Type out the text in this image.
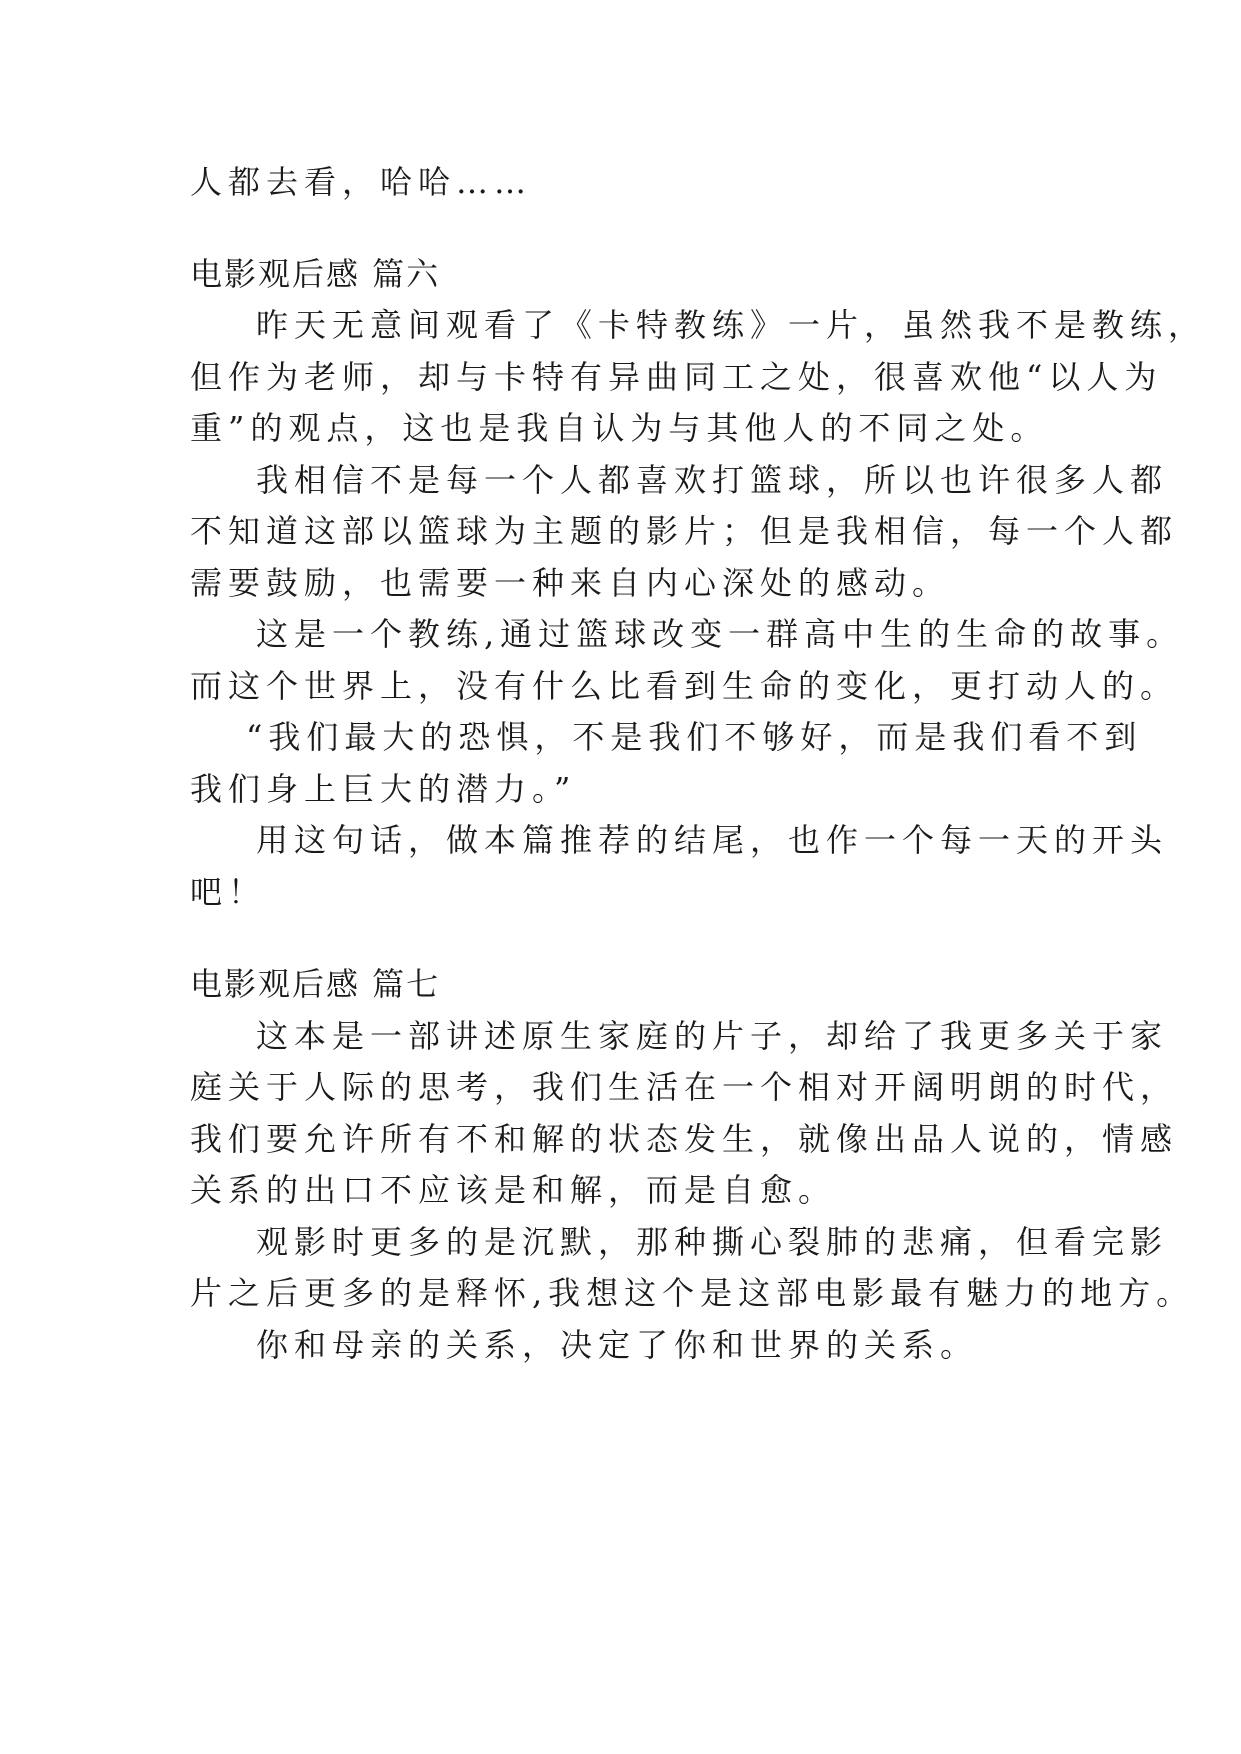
人都去看，哈哈……
电影观后感 篇六
昨天无意间观看了《卡特教练》一片，虽然我不是教练，
但作为老师，却与卡特有异曲同工之处，很喜欢他“以人为
重”的观点，这也是我自认为与其他人的不同之处。
我相信不是每一个人都喜欢打篮球，所以也许很多人都
不知道这部以篮球为主题的影片；但是我相信，每一个人都
需要鼓励，也需要一种来自内心深处的感动。
这是一个教练,通过篮球改变一群高中生的生命的故事。
而这个世界上，没有什么比看到生命的变化，更打动人的。
“我们最大的恐惧，不是我们不够好，而是我们看不到
我们身上巨大的潜力。”
用这句话，做本篇推荐的结尾，也作一个每一天的开头
吧！
电影观后感 篇七
这本是一部讲述原生家庭的片子，却给了我更多关于家
庭关于人际的思考，我们生活在一个相对开阔明朗的时代，
我们要允许所有不和解的状态发生，就像出品人说的，情感
关系的出口不应该是和解，而是自愈。
观影时更多的是沉默，那种撕心裂肺的悲痛，但看完影
片之后更多的是释怀,我想这个是这部电影最有魅力的地方。
你和母亲的关系，决定了你和世界的关系。
